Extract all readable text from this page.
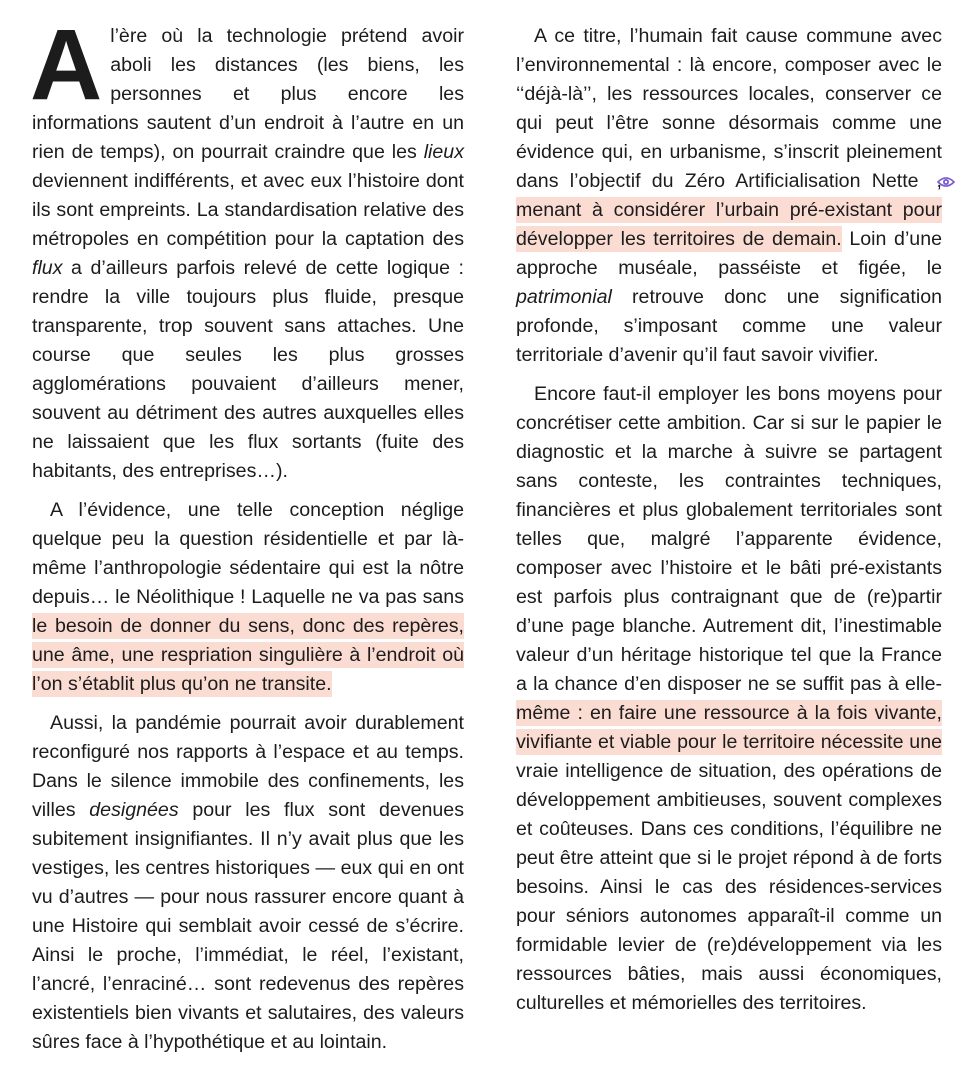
A l’ère où la technologie prétend avoir aboli les distances (les biens, les personnes et plus encore les informations sautent d’un endroit à l’autre en un rien de temps), on pourrait craindre que les lieux deviennent indifférents, et avec eux l’histoire dont ils sont empreints. La standardisation relative des métropoles en compétition pour la captation des flux a d’ailleurs parfois relevé de cette logique : rendre la ville toujours plus fluide, presque transparente, trop souvent sans attaches. Une course que seules les plus grosses agglomérations pouvaient d’ailleurs mener, souvent au détriment des autres auxquelles elles ne laissaient que les flux sortants (fuite des habitants, des entreprises…).

A l’évidence, une telle conception néglige quelque peu la question résidentielle et par là-même l’anthropologie sédentaire qui est la nôtre depuis… le Néolithique ! Laquelle ne va pas sans le besoin de donner du sens, donc des repères, une âme, une respriation singulière à l’endroit où l’on s’établit plus qu’on ne transite.

Aussi, la pandémie pourrait avoir durablement reconfiguré nos rapports à l’espace et au temps. Dans le silence immobile des confinements, les villes designées pour les flux sont devenues subitement insignifiantes. Il n’y avait plus que les vestiges, les centres historiques — eux qui en ont vu d’autres — pour nous rassurer encore quant à une Histoire qui semblait avoir cessé de s’écrire. Ainsi le proche, l’immédiat, le réel, l’existant, l’ancré, l’enraciné… sont redevenus des repères existentiels bien vivants et salutaires, des valeurs sûres face à l’hypothétique et au lointain.

A ce titre, l’humain fait cause commune avec l’environnemental : là encore, composer avec le ‘‘déjà-là’’, les ressources locales, conserver ce qui peut l’être sonne désormais comme une évidence qui, en urbanisme, s’inscrit pleinement dans l’objectif du Zéro Artificialisation Nette , menant à considérer l’urbain pré-existant pour développer les territoires de demain. Loin d’une approche muséale, passéiste et figée, le patrimonial retrouve donc une signification profonde, s’imposant comme une valeur territoriale d’avenir qu’il faut savoir vivifier.

Encore faut-il employer les bons moyens pour concrétiser cette ambition. Car si sur le papier le diagnostic et la marche à suivre se partagent sans conteste, les contraintes techniques, financières et plus globalement territoriales sont telles que, malgré l’apparente évidence, composer avec l’histoire et le bâti pré-existants est parfois plus contraignant que de (re)partir d’une page blanche. Autrement dit, l’inestimable valeur d’un héritage historique tel que la France a la chance d’en disposer ne se suffit pas à elle-même : en faire une ressource à la fois vivante, vivifiante et viable pour le territoire nécessite une vraie intelligence de situation, des opérations de développement ambitieuses, souvent complexes et coûteuses. Dans ces conditions, l’équilibre ne peut être atteint que si le projet répond à de forts besoins. Ainsi le cas des résidences-services pour séniors autonomes apparaît-il comme un formidable levier de (re)développement via les ressources bâties, mais aussi économiques, culturelles et mémorielles des territoires.
